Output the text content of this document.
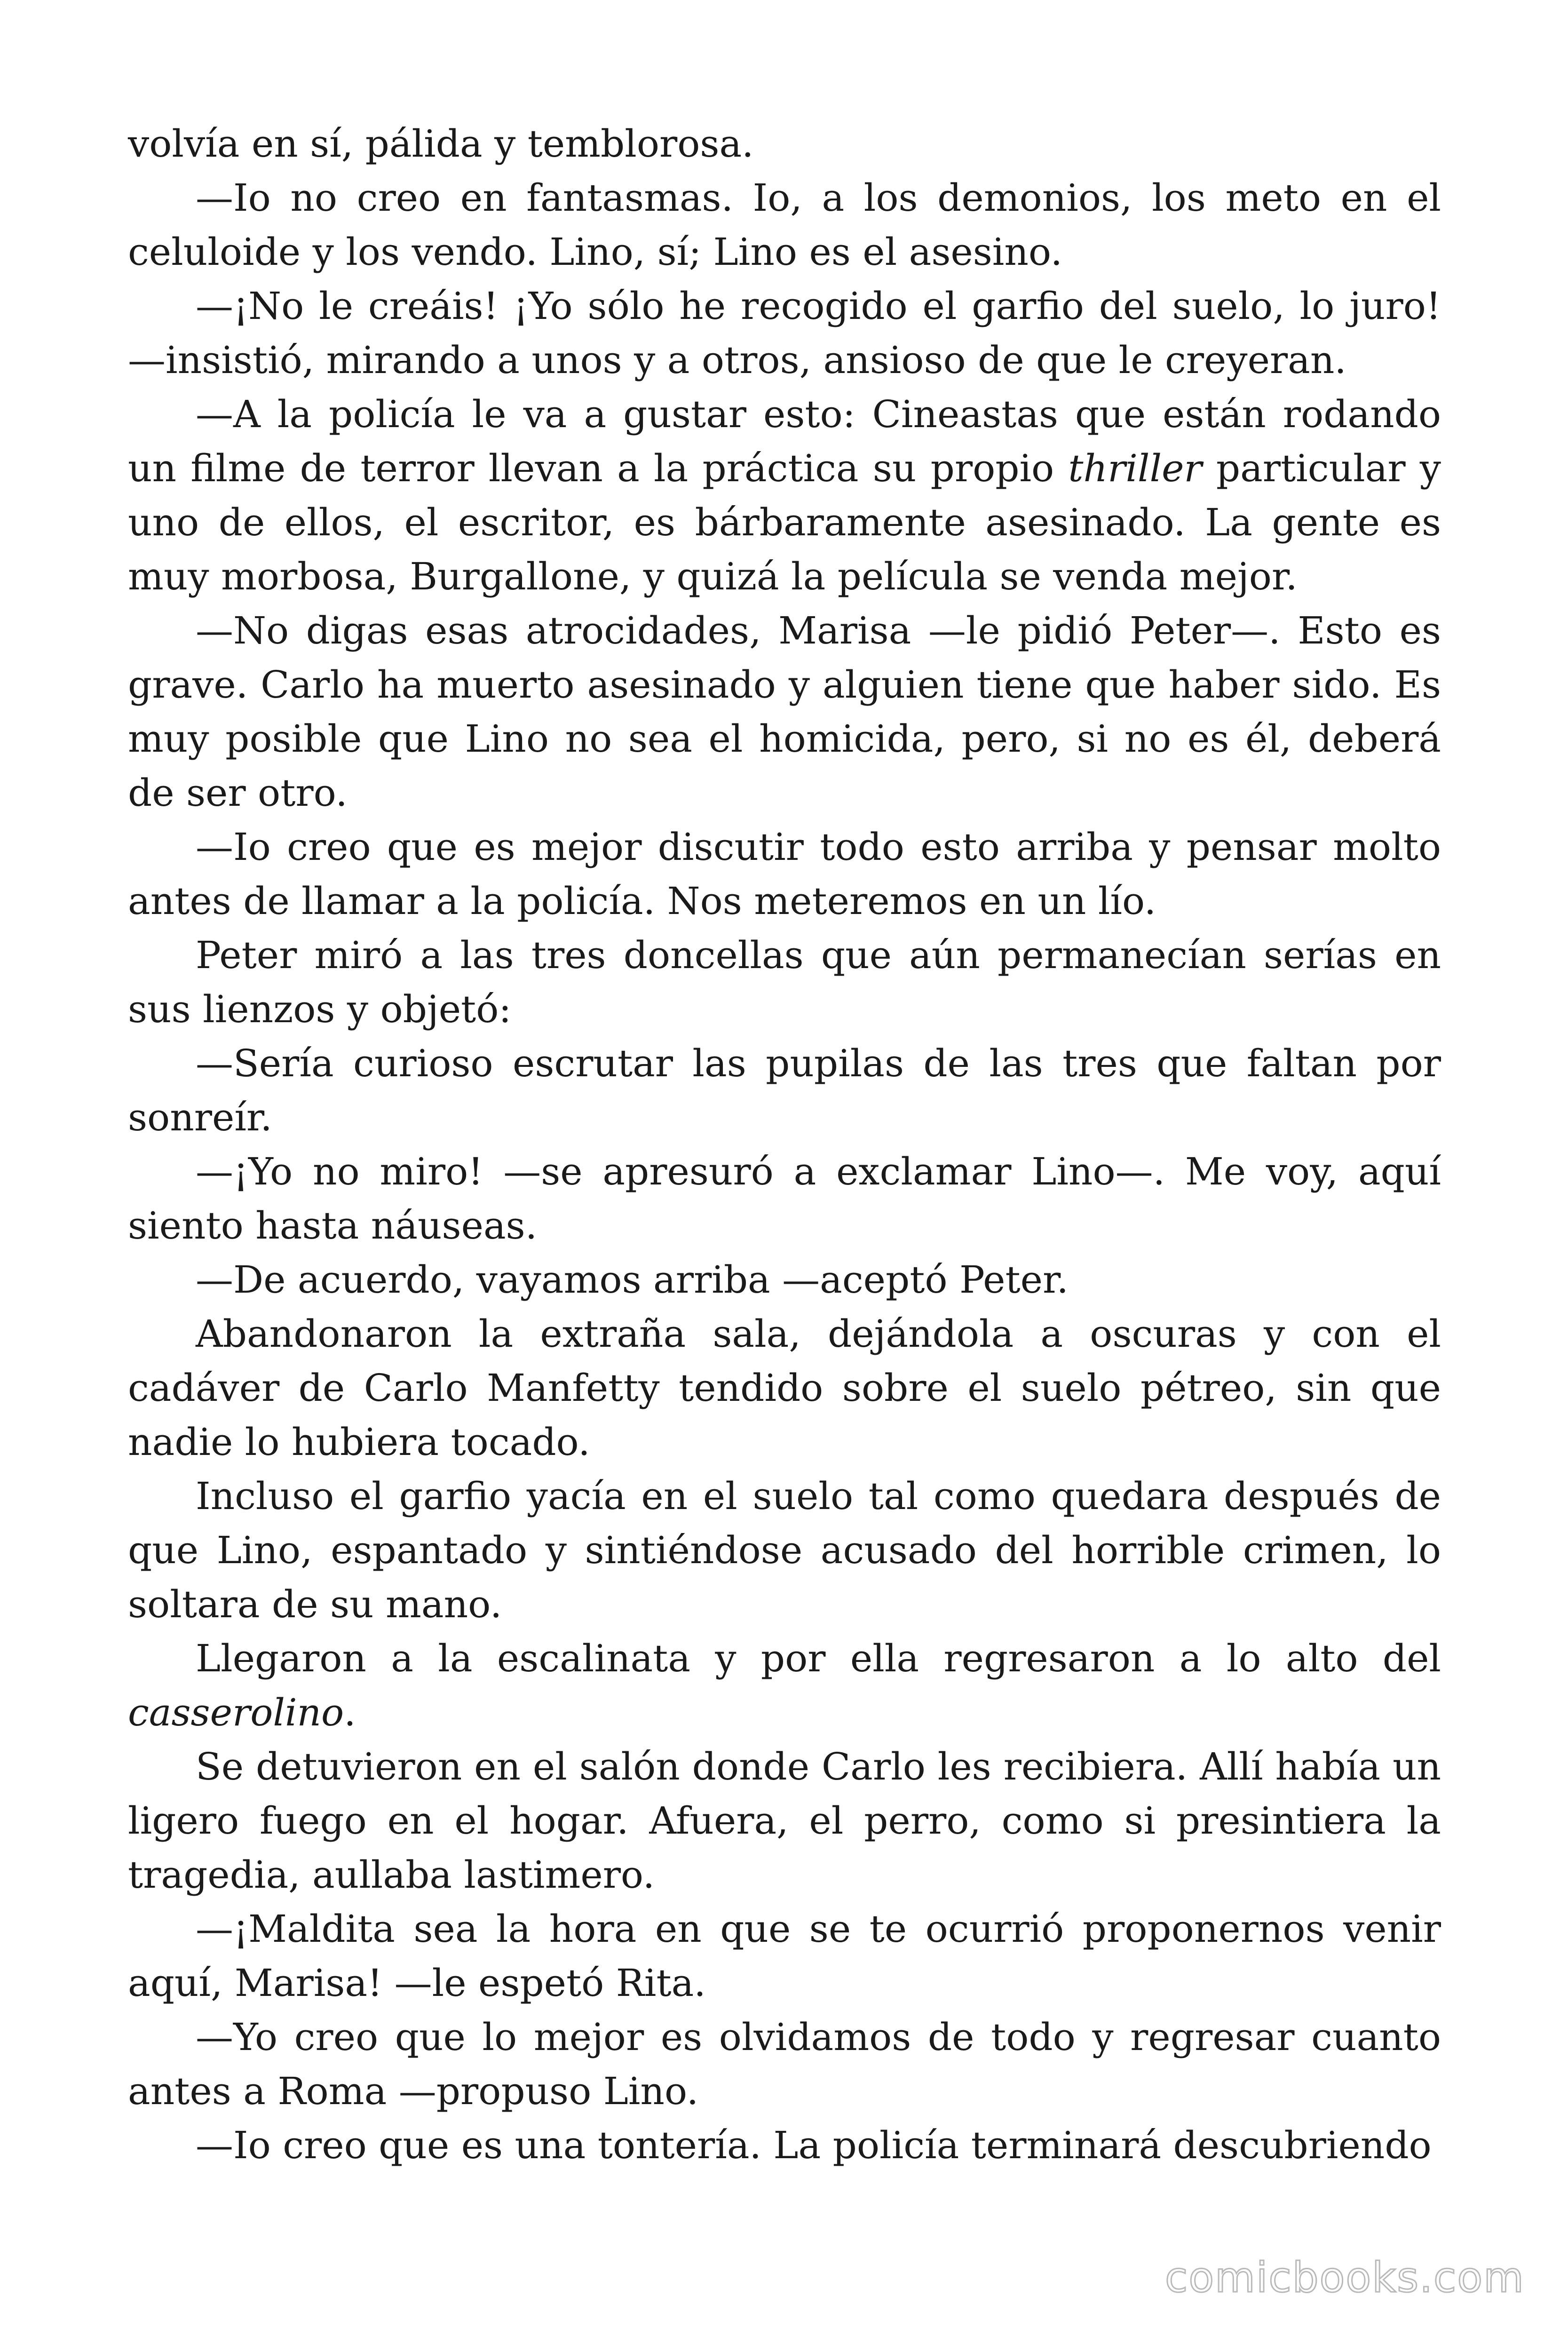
volvía en sí, pálida y temblorosa.

—Io no creo en fantasmas. Io, a los demonios, los meto en el celuloide y los vendo. Lino, sí; Lino es el asesino.

—¡No le creáis! ¡Yo sólo he recogido el garfio del suelo, lo juro! —insistió, mirando a unos y a otros, ansioso de que le creyeran.

—A la policía le va a gustar esto: Cineastas que están rodando un filme de terror llevan a la práctica su propio thriller particular y uno de ellos, el escritor, es bárbaramente asesinado. La gente es muy morbosa, Burgallone, y quizá la película se venda mejor.

—No digas esas atrocidades, Marisa —le pidió Peter—. Esto es grave. Carlo ha muerto asesinado y alguien tiene que haber sido. Es muy posible que Lino no sea el homicida, pero, si no es él, deberá de ser otro.

—Io creo que es mejor discutir todo esto arriba y pensar molto antes de llamar a la policía. Nos meteremos en un lío.

Peter miró a las tres doncellas que aún permanecían serías en sus lienzos y objetó:

—Sería curioso escrutar las pupilas de las tres que faltan por sonreír.

—¡Yo no miro! —se apresuró a exclamar Lino—. Me voy, aquí siento hasta náuseas.

—De acuerdo, vayamos arriba —aceptó Peter.

Abandonaron la extraña sala, dejándola a oscuras y con el cadáver de Carlo Manfetty tendido sobre el suelo pétreo, sin que nadie lo hubiera tocado.

Incluso el garfio yacía en el suelo tal como quedara después de que Lino, espantado y sintiéndose acusado del horrible crimen, lo soltara de su mano.

Llegaron a la escalinata y por ella regresaron a lo alto del casserolino.

Se detuvieron en el salón donde Carlo les recibiera. Allí había un ligero fuego en el hogar. Afuera, el perro, como si presintiera la tragedia, aullaba lastimero.

—¡Maldita sea la hora en que se te ocurrió proponernos venir aquí, Marisa! —le espetó Rita.

—Yo creo que lo mejor es olvidamos de todo y regresar cuanto antes a Roma —propuso Lino.

—Io creo que es una tontería. La policía terminará descubriendo

comicbooks.com
